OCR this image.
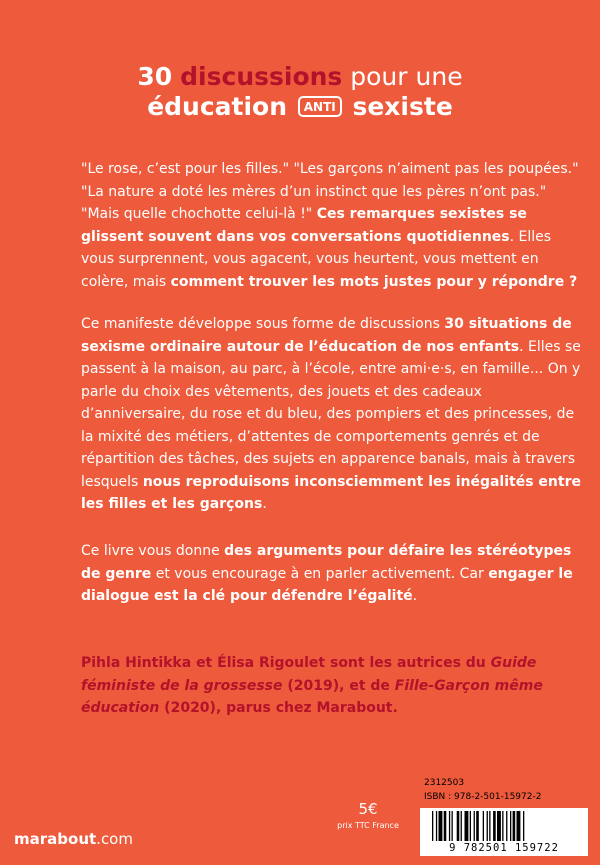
30 discussions pour une
éducation ANTI sexiste
"Le rose, c’est pour les filles." "Les garçons n’aiment pas les poupées." "La nature a doté les mères d’un instinct que les pères n’ont pas." "Mais quelle chochotte celui-là !" Ces remarques sexistes se glissent souvent dans vos conversations quotidiennes. Elles vous surprennent, vous agacent, vous heurtent, vous mettent en colère, mais comment trouver les mots justes pour y répondre ?
Ce manifeste développe sous forme de discussions 30 situations de sexisme ordinaire autour de l’éducation de nos enfants. Elles se passent à la maison, au parc, à l’école, entre ami·e·s, en famille... On y parle du choix des vêtements, des jouets et des cadeaux d’anniversaire, du rose et du bleu, des pompiers et des princesses, de la mixité des métiers, d’attentes de comportements genrés et de répartition des tâches, des sujets en apparence banals, mais à travers lesquels nous reproduisons inconsciemment les inégalités entre les filles et les garçons.
Ce livre vous donne des arguments pour défaire les stéréotypes de genre et vous encourage à en parler activement. Car engager le dialogue est la clé pour défendre l’égalité.
Pihla Hintikka et Élisa Rigoulet sont les autrices du Guide féministe de la grossesse (2019), et de Fille-Garçon même éducation (2020), parus chez Marabout.
marabout.com
5€
prix TTC France
2312503
ISBN : 978-2-501-15972-2
9 782501 159722
